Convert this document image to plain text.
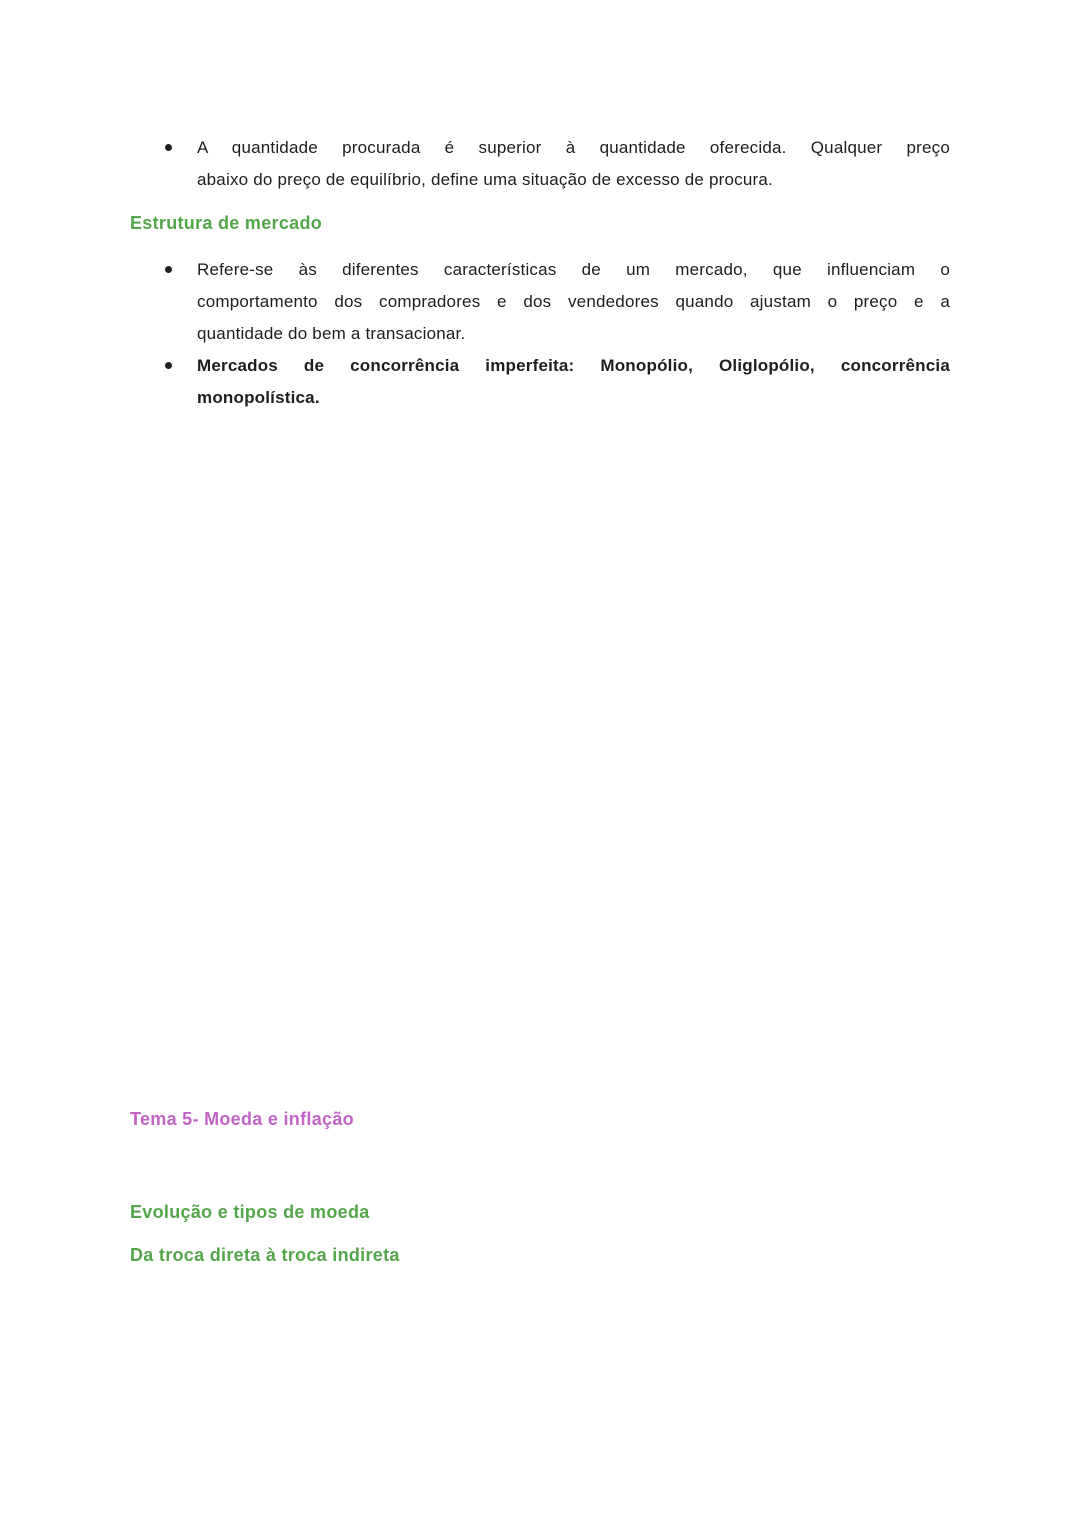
A quantidade procurada é superior à quantidade oferecida. Qualquer preço
abaixo do preço de equilíbrio, define uma situação de excesso de procura.
Estrutura de mercado
Refere-se às diferentes características de um mercado, que influenciam o
comportamento dos compradores e dos vendedores quando ajustam o preço e a
quantidade do bem a transacionar.
Mercados de concorrência imperfeita: Monopólio, Oliglopólio, concorrência
monopolística.
Tema 5- Moeda e inflação
Evolução e tipos de moeda
Da troca direta à troca indireta
